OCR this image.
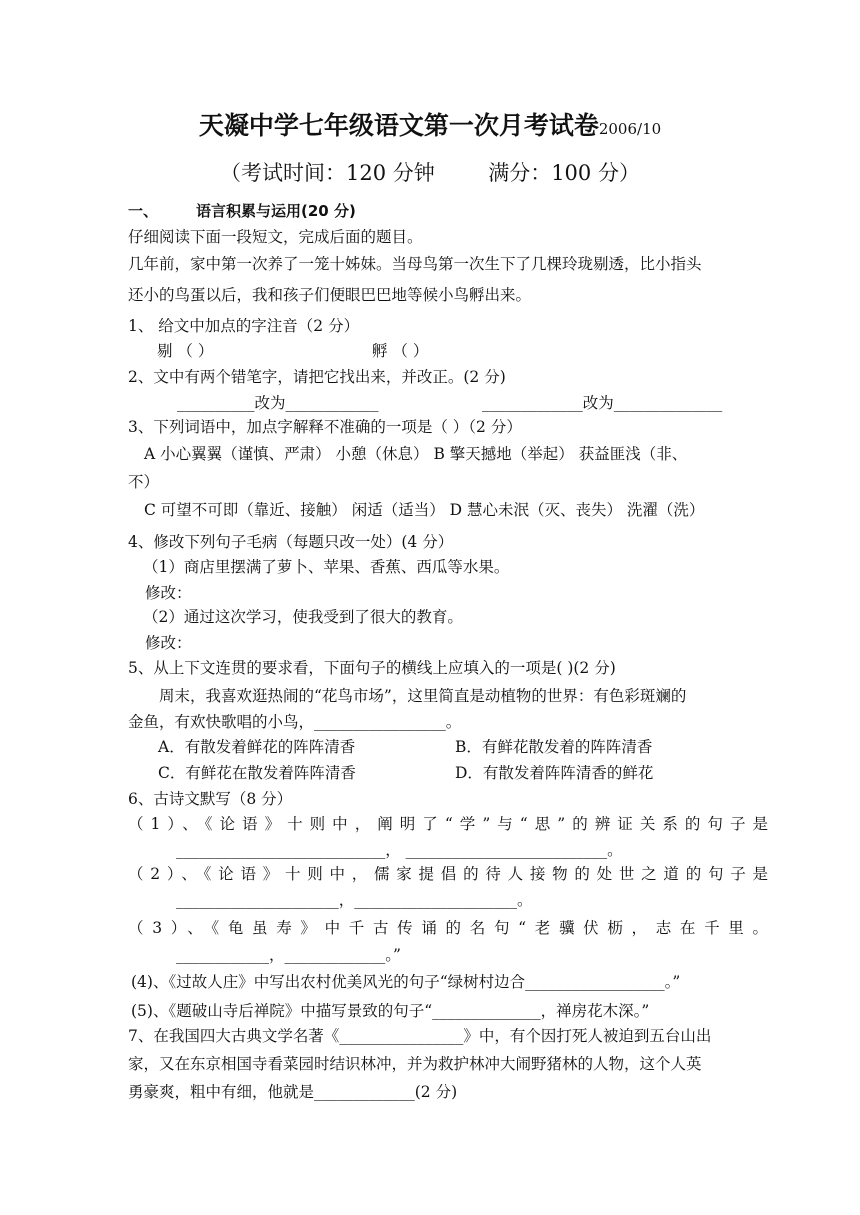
天凝中学七年级语文第一次月考试卷2006/10
（考试时间：120 分钟        满分：100 分）
一、	语言积累与运用(20 分)
仔细阅读下面一段短文，完成后面的题目。
几年前，家中第一次养了一笼十姊妹。当母鸟第一次生下了几棵玲珑剔透，比小指头
还小的鸟蛋以后，我和孩子们便眼巴巴地等候小鸟孵出来。
1、 给文中加点的字注音（2 分）
剔 （ ）	孵 （ ）
2、文中有两个错笔字，请把它找出来，并改正。(2 分)
__________改为____________	_____________改为______________
3、下列词语中，加点字解释不准确的一项是（ ）（2 分）
A 小心翼翼（谨慎、严肃） 小憩（休息） B 擎天撼地（举起） 获益匪浅（非、
不）
C 可望不可即（靠近、接触） 闲适（适当） D 慧心未泯（灭、丧失） 洗濯（洗）
4、修改下列句子毛病（每题只改一处）(4 分）
（1）商店里摆满了萝卜、苹果、香蕉、西瓜等水果。
修改：
（2）通过这次学习，使我受到了很大的教育。
修改：
5、从上下文连贯的要求看，下面句子的横线上应填入的一项是( )(2 分)
周末，我喜欢逛热闹的“花鸟市场”，这里简直是动植物的世界：有色彩斑斓的
金鱼，有欢快歌唱的小鸟，_________________。
A．有散发着鲜花的阵阵清香	B．有鲜花散发着的阵阵清香
C．有鲜花在散发着阵阵清香	D．有散发着阵阵清香的鲜花
6、古诗文默写（8 分）
（1）、《论语》十则中，阐明了“学”与“思”的辨证关系的句子是
___________________________， __________________________。
（2）、《论语》十则中，儒家提倡的待人接物的处世之道的句子是
_____________________，_____________________。
（3）、《龟虽寿》中千古传诵的名句“老骥伏枥，志在千里。
____________，_____________。”
(4)、《过故人庄》中写出农村优美风光的句子“绿树村边合__________________。”
(5)、《题破山寺后禅院》中描写景致的句子“______________，禅房花木深。”
7、在我国四大古典文学名著《________________》中，有个因打死人被迫到五台山出
家，又在东京相国寺看菜园时结识林冲，并为救护林冲大闹野猪林的人物，这个人英
勇豪爽，粗中有细，他就是_____________(2 分)
